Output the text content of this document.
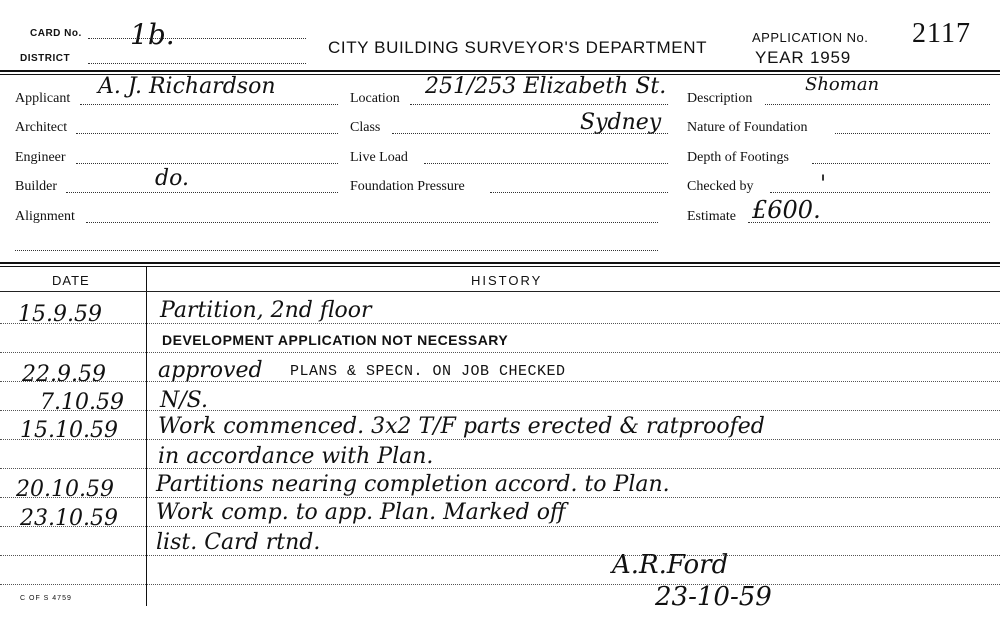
CARD No. 1b.
DISTRICT
CITY BUILDING SURVEYOR'S DEPARTMENT
APPLICATION No. 2117
YEAR 1959
Applicant A. J. Richardson
Architect
Engineer
Builder	do.
Alignment
Location 251/253 Elizabeth St.
Class	Sydney
Live Load
Foundation Pressure
Description
Shoman
Nature of Foundation
Depth of Footings
Checked by	'
Estimate £600.
DATE	HISTORY
15.9.59	Partition, 2nd floor
DEVELOPMENT APPLICATION NOT NECESSARY
22.9.59 approved PLANS & SPECN. ON JOB CHECKED
7.10.59 N/S.
15.10.59 Work commenced. 3x2 T/F parts erected & ratproofed
in accordance with Plan.
20.10.59 Partitions nearing completion accord. to Plan.
23.10.59 Work comp. to app. Plan. Marked off
list. Card rtnd.
A.R.Ford
23-10-59
C OF S 4759
